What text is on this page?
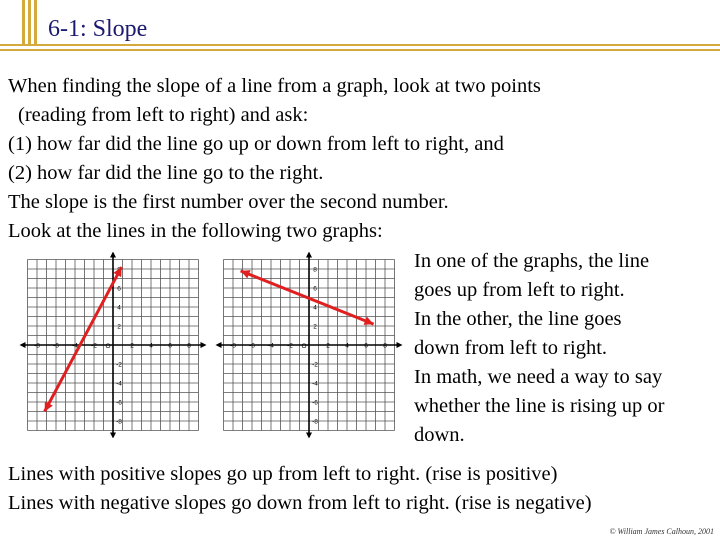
6-1: Slope
When finding the slope of a line from a graph, look at two points
(reading from left to right) and ask:
(1) how far did the line go up or down from left to right, and
(2) how far did the line go to the right.
The slope is the first number over the second number.
Look at the lines in the following two graphs:
-8 -6 -4 -2	2 4 6 8
O
6
4
2
-2
-4
-6
-8
-8 -6 -4 -2	2 4 6 8
O
8
6
4
2
-2
-4
-6
-8
In one of the graphs, the line
goes up from left to right.
In the other, the line goes
down from left to right.
In math, we need a way to say
whether the line is rising up or
down.
Lines with positive slopes go up from left to right. (rise is positive)
Lines with negative slopes go down from left to right. (rise is negative)
© William James Calhoun, 2001
